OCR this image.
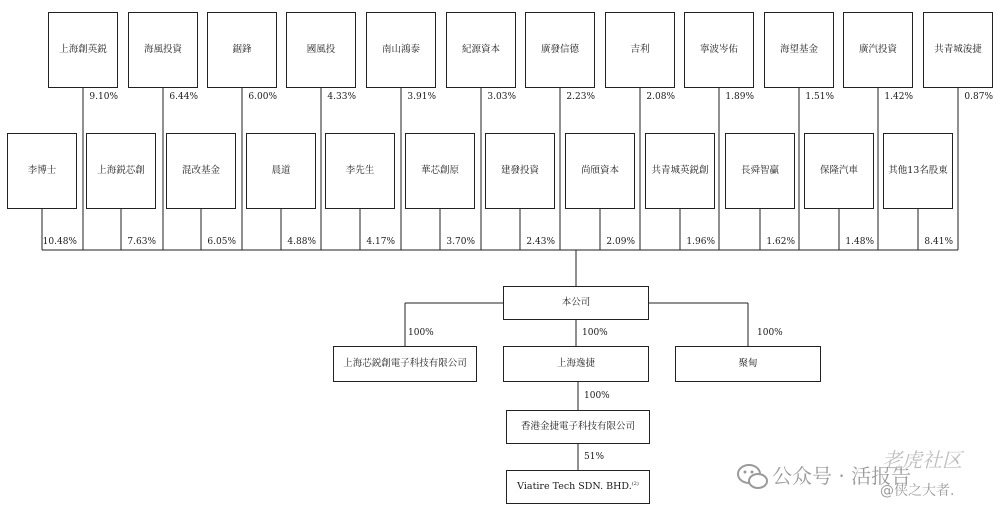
上海創英鋭
9.10%
海風投資
6.44%
鋸鋒
6.00%
國風投
4.33%
南山鴻泰
3.91%
紀源資本
3.03%
廣發信德
2.23%
吉利
2.08%
寧波岑佑
1.89%
海望基金
1.51%
廣汽投資
1.42%
共青城浚捷
0.87%
李博士
10.48%
上海鋭芯創
7.63%
混改基金
6.05%
晨道
4.88%
李先生
4.17%
華芯創原
3.70%
建發投資
2.43%
尚頎資本
2.09%
共青城英鋭創
1.96%
長舜智贏
1.62%
保隆汽車
1.48%
其他13名股東
8.41%
本公司
上海芯鋭創電子科技有限公司	上海逸捷	聚甸
100%	100%	100%
香港金捷電子科技有限公司
100%
Viatire Tech SDN. BHD.$^{(2)}$
51%
公众号 · 活报告
老虎社区
@侠之大者.
